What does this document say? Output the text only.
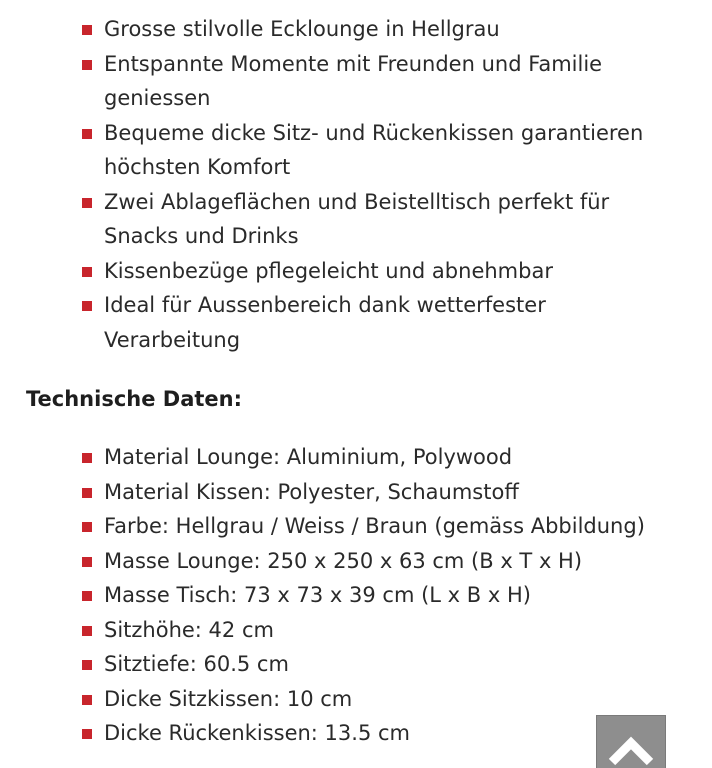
Grosse stilvolle Ecklounge in Hellgrau
Entspannte Momente mit Freunden und Familie geniessen
Bequeme dicke Sitz- und Rückenkissen garantieren höchsten Komfort
Zwei Ablageflächen und Beistelltisch perfekt für Snacks und Drinks
Kissenbezüge pflegeleicht und abnehmbar
Ideal für Aussenbereich dank wetterfester Verarbeitung
Technische Daten:
Material Lounge: Aluminium, Polywood
Material Kissen: Polyester, Schaumstoff
Farbe: Hellgrau / Weiss / Braun (gemäss Abbildung)
Masse Lounge: 250 x 250 x 63 cm (B x T x H)
Masse Tisch: 73 x 73 x 39 cm (L x B x H)
Sitzhöhe: 42 cm
Sitztiefe: 60.5 cm
Dicke Sitzkissen: 10 cm
Dicke Rückenkissen: 13.5 cm
